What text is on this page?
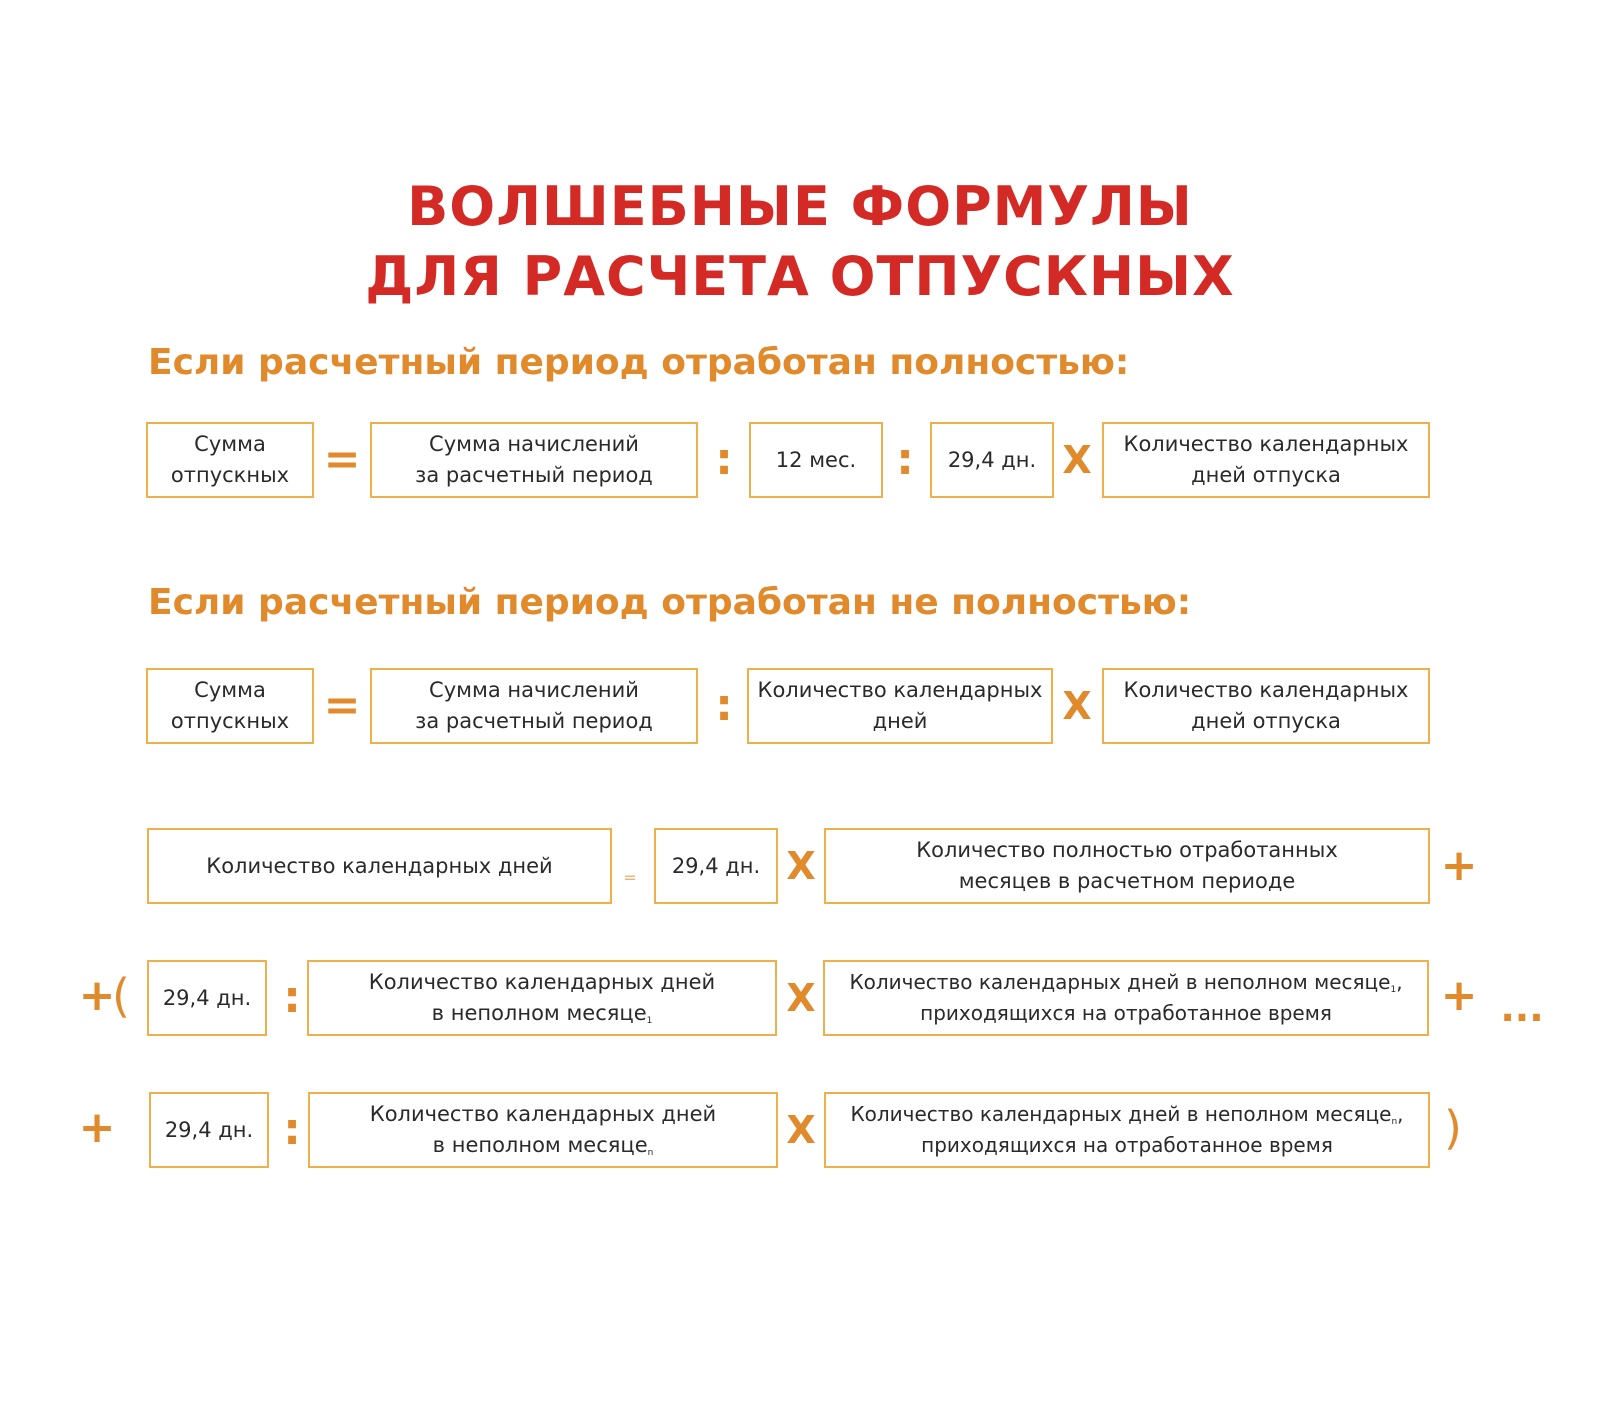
ВОЛШЕБНЫЕ ФОРМУЛЫ
ДЛЯ РАСЧЕТА ОТПУСКНЫХ
Если расчетный период отработан полностью:
Сумма
отпускных =	Сумма начислений
за расчетный период	:	12 мес. :	29,4 дн. X	Количество календарных
дней отпуска
Если расчетный период отработан не полностью:
Сумма
отпускных =	Сумма начислений
за расчетный период	:	Количество календарных
дней	X	Количество календарных
дней отпуска
Количество календарных дней	=	29,4 дн. X	Количество полностью отработанных
месяцев в расчетном периоде	+
+
( 29,4 дн. :	Количество календарных дней
в неполном месяце$_1$
X	Количество календарных дней в неполном месяце$_1$,
приходящихся на отработанное время + ...
+	29,4 дн. :	Количество календарных дней
в неполном месяце$_n$
X	Количество календарных дней в неполном месяце$_n$,
приходящихся на отработанное время )
